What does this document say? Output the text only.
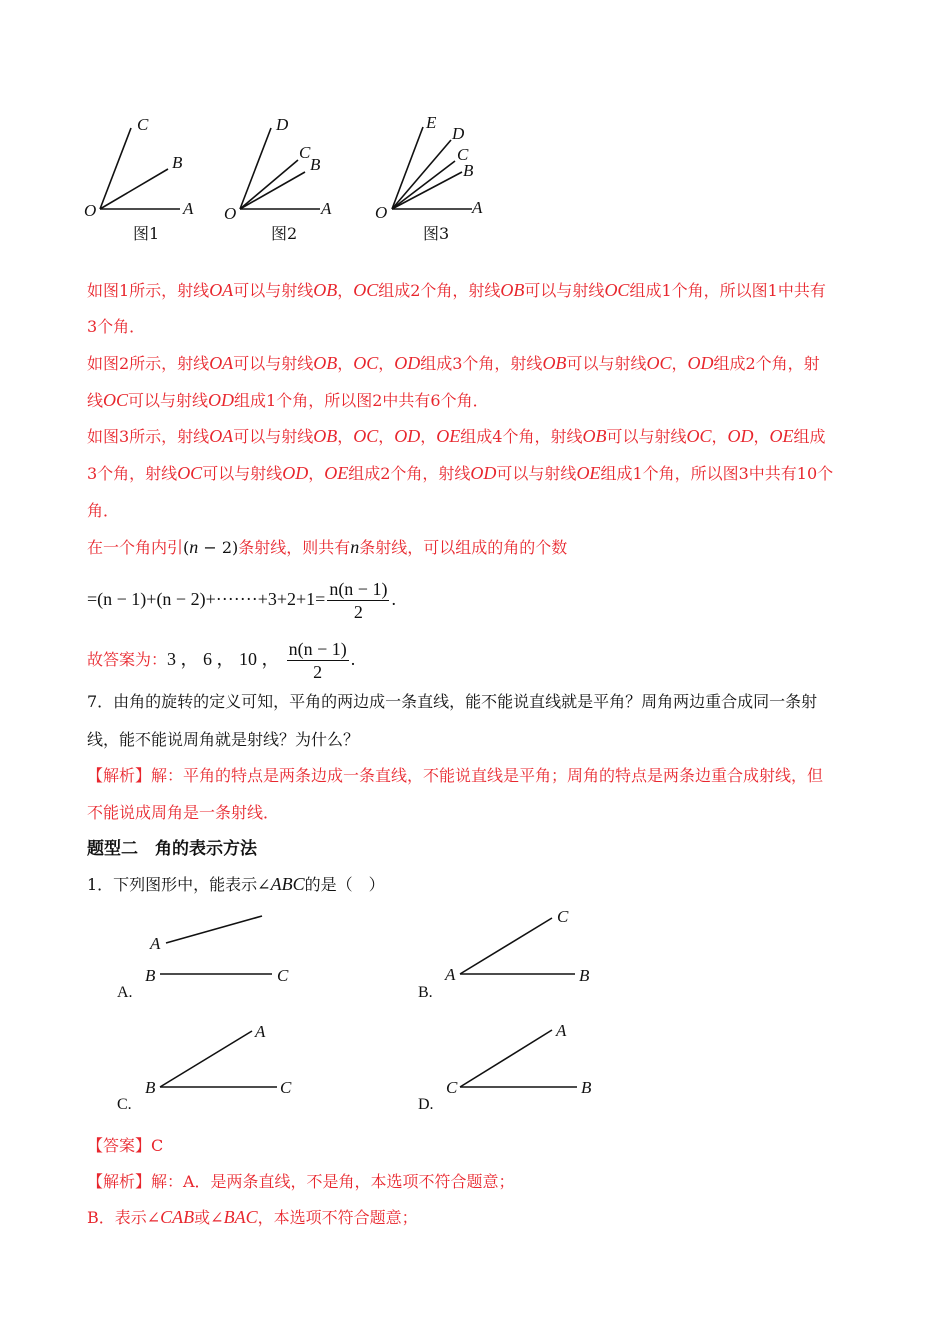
C
B
O	A
图1
D
C
B
O	A
图2
E
D
C
B
O	A
图3
A
B	C
A.
A
C
B
B.
A
B	C
C.
A
C	B
D.
如图1所示，射线OA可以与射线OB，OC组成2个角，射线OB可以与射线OC组成1个角，所以图1中共有
3个角．
如图2所示，射线OA可以与射线OB，OC，OD组成3个角，射线OB可以与射线OC，OD组成2个角，射
线OC可以与射线OD组成1个角，所以图2中共有6个角．
如图3所示，射线OA可以与射线OB，OC，OD，OE组成4个角，射线OB可以与射线OC，OD，OE组成
3个角，射线OC可以与射线OD，OE组成2个角，射线OD可以与射线OE组成1个角，所以图3中共有10个
角．
在一个角内引(n − 2)条射线，则共有n条射线，可以组成的角的个数
$=(n - 1)+(n - 2)+\cdot\cdot\cdot\cdot\cdot\cdot\cdot+3+2+1= \frac{n(n - 1)}{2}$ .
故答案为：3 ， 6 ， 10 ， $\frac{n(n - 1)}{2}$ .
7．由角的旋转的定义可知，平角的两边成一条直线，能不能说直线就是平角？周角两边重合成同一条射
线，能不能说周角就是射线？为什么？
【解析】解：平角的特点是两条边成一条直线，不能说直线是平角；周角的特点是两条边重合成射线，但
不能说成周角是一条射线．
题型二　角的表示方法
1．下列图形中，能表示∠ABC的是（　）
【答案】C
【解析】解：A．是两条直线，不是角，本选项不符合题意；
B．表示∠CAB或∠BAC，本选项不符合题意；
